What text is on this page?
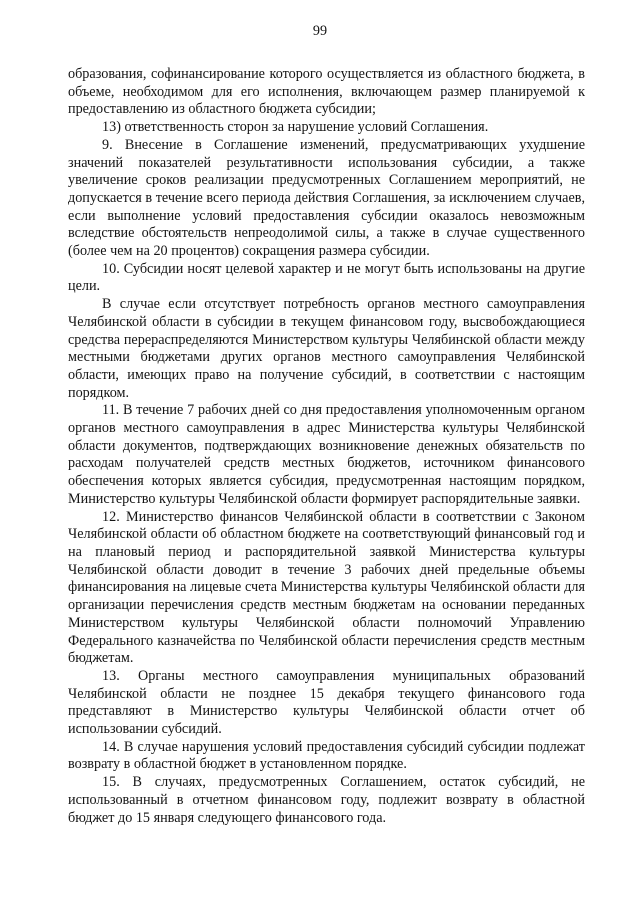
99

образования, софинансирование которого осуществляется из областного бюджета, в объеме, необходимом для его исполнения, включающем размер планируемой к предоставлению из областного бюджета субсидии;

13) ответственность сторон за нарушение условий Соглашения.

9. Внесение в Соглашение изменений, предусматривающих ухудшение значений показателей результативности использования субсидии, а также увеличение сроков реализации предусмотренных Соглашением мероприятий, не допускается в течение всего периода действия Соглашения, за исключением случаев, если выполнение условий предоставления субсидии оказалось невозможным вследствие обстоятельств непреодолимой силы, а также в случае существенного (более чем на 20 процентов) сокращения размера субсидии.

10. Субсидии носят целевой характер и не могут быть использованы на другие цели.

В случае если отсутствует потребность органов местного самоуправления Челябинской области в субсидии в текущем финансовом году, высвобождающиеся средства перераспределяются Министерством культуры Челябинской области между местными бюджетами других органов местного самоуправления Челябинской области, имеющих право на получение субсидий, в соответствии с настоящим порядком.

11. В течение 7 рабочих дней со дня предоставления уполномоченным органом органов местного самоуправления в адрес Министерства культуры Челябинской области документов, подтверждающих возникновение денежных обязательств по расходам получателей средств местных бюджетов, источником финансового обеспечения которых является субсидия, предусмотренная настоящим порядком, Министерство культуры Челябинской области формирует распорядительные заявки.

12. Министерство финансов Челябинской области в соответствии с Законом Челябинской области об областном бюджете на соответствующий финансовый год и на плановый период и распорядительной заявкой Министерства культуры Челябинской области доводит в течение 3 рабочих дней предельные объемы финансирования на лицевые счета Министерства культуры Челябинской области для организации перечисления средств местным бюджетам на основании переданных Министерством культуры Челябинской области полномочий Управлению Федерального казначейства по Челябинской области перечисления средств местным бюджетам.

13. Органы местного самоуправления муниципальных образований Челябинской области не позднее 15 декабря текущего финансового года представляют в Министерство культуры Челябинской области отчет об использовании субсидий.

14. В случае нарушения условий предоставления субсидий субсидии подлежат возврату в областной бюджет в установленном порядке.

15. В случаях, предусмотренных Соглашением, остаток субсидий, не использованный в отчетном финансовом году, подлежит возврату в областной бюджет до 15 января следующего финансового года.
